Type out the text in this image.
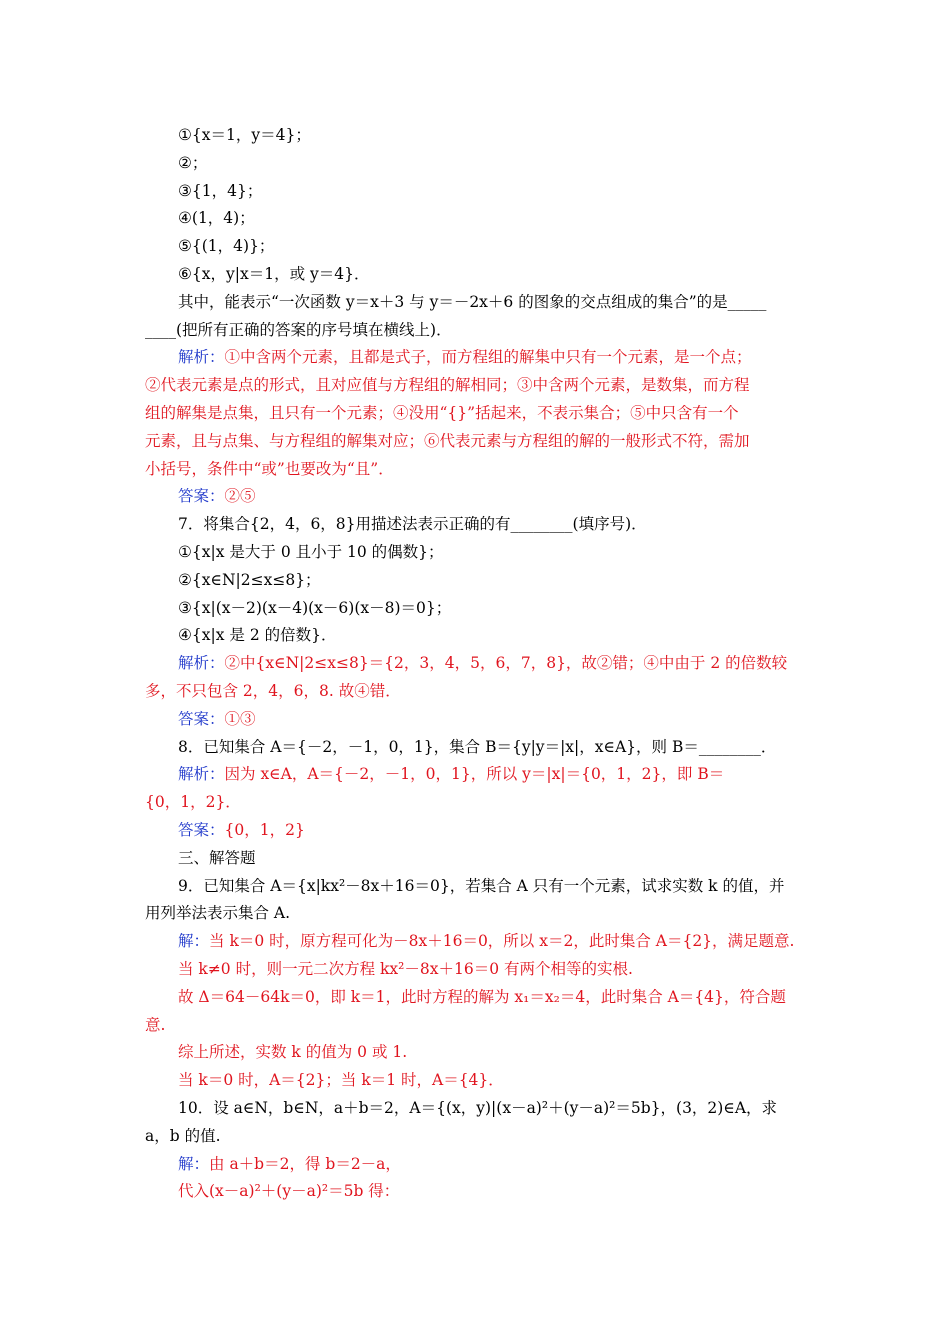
①{x＝1，y＝4}；
②；
③{1，4}；
④(1，4)；
⑤{(1，4)}；
⑥{x，y|x＝1，或 y＝4}．
其中，能表示“一次函数 y＝x＋3 与 y＝－2x＋6 的图象的交点组成的集合”的是_____
____(把所有正确的答案的序号填在横线上)．
解析：①中含两个元素，且都是式子，而方程组的解集中只有一个元素，是一个点；
②代表元素是点的形式，且对应值与方程组的解相同；③中含两个元素，是数集，而方程
组的解集是点集，且只有一个元素；④没用“{}”括起来，不表示集合；⑤中只含有一个
元素，且与点集、与方程组的解集对应；⑥代表元素与方程组的解的一般形式不符，需加
小括号，条件中“或”也要改为“且”．
答案：②⑤
7．将集合{2，4，6，8}用描述法表示正确的有________(填序号)．
①{x|x 是大于 0 且小于 10 的偶数}；
②{x∈N|2≤x≤8}；
③{x|(x－2)(x－4)(x－6)(x－8)＝0}；
④{x|x 是 2 的倍数}．
解析：②中{x∈N|2≤x≤8}＝{2，3，4，5，6，7，8}，故②错；④中由于 2 的倍数较
多，不只包含 2，4，6，8. 故④错．
答案：①③
8．已知集合 A＝{－2，－1，0，1}，集合 B＝{y|y＝|x|，x∈A}，则 B＝________．
解析：因为 x∈A，A＝{－2，－1，0，1}，所以 y＝|x|＝{0，1，2}，即 B＝
{0，1，2}．
答案：{0，1，2}
三、解答题
9．已知集合 A＝{x|kx²－8x＋16＝0}，若集合 A 只有一个元素，试求实数 k 的值，并
用列举法表示集合 A.
解：当 k＝0 时，原方程可化为－8x＋16＝0，所以 x＝2，此时集合 A＝{2}，满足题意.
当 k≠0 时，则一元二次方程 kx²－8x＋16＝0 有两个相等的实根.
故 Δ＝64－64k＝0，即 k＝1，此时方程的解为 x₁＝x₂＝4，此时集合 A＝{4}，符合题
意.
综上所述，实数 k 的值为 0 或 1.
当 k＝0 时，A＝{2}；当 k＝1 时，A＝{4}．
10．设 a∈N，b∈N，a＋b＝2，A＝{(x，y)|(x－a)²＋(y－a)²＝5b}，(3，2)∈A，求
a，b 的值.
解：由 a＋b＝2，得 b＝2－a，
代入(x－a)²＋(y－a)²＝5b 得：
